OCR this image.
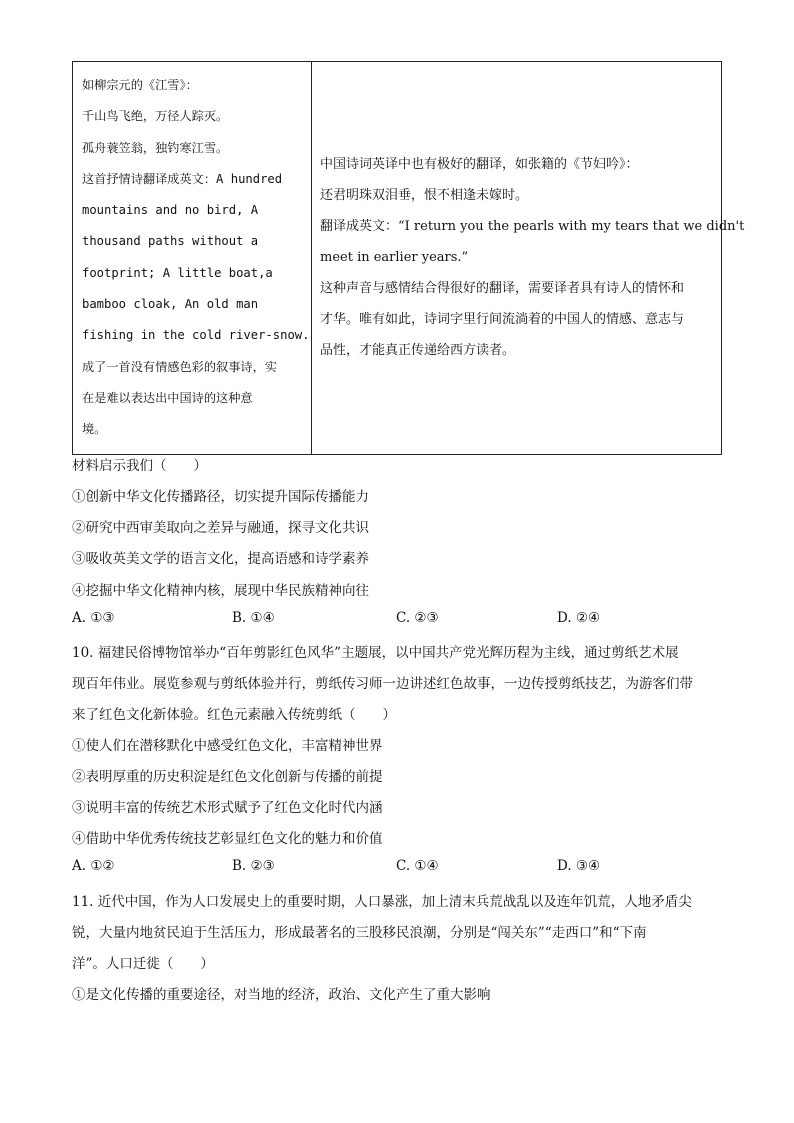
如柳宗元的《江雪》：
千山鸟飞绝，万径人踪灭。
孤舟蓑笠翁，独钓寒江雪。
这首抒情诗翻译成英文：A hundred
mountains and no bird, A
thousand paths without a
footprint; A little boat,a
bamboo cloak, An old man
fishing in the cold river-snow.
成了一首没有情感色彩的叙事诗，实
在是难以表达出中国诗的这种意
境。

中国诗词英译中也有极好的翻译，如张籍的《节妇吟》：
还君明珠双泪垂，恨不相逢未嫁时。
翻译成英文：“I return you the pearls with my tears that we didn't
meet in earlier years.”
这种声音与感情结合得很好的翻译，需要译者具有诗人的情怀和
才华。唯有如此，诗词字里行间流淌着的中国人的情感、意志与
品性，才能真正传递给西方读者。
材料启示我们（　　）
①创新中华文化传播路径，切实提升国际传播能力
②研究中西审美取向之差异与融通，探寻文化共识
③吸收英美文学的语言文化，提高语感和诗学素养
④挖掘中华文化精神内核，展现中华民族精神向往
A. ①③	B. ①④	C. ②③	D. ②④
10. 福建民俗博物馆举办“百年剪影红色风华”主题展，以中国共产党光辉历程为主线，通过剪纸艺术展
现百年伟业。展览参观与剪纸体验并行，剪纸传习师一边讲述红色故事，一边传授剪纸技艺，为游客们带
来了红色文化新体验。红色元素融入传统剪纸（　　）
①使人们在潜移默化中感受红色文化，丰富精神世界
②表明厚重的历史积淀是红色文化创新与传播的前提
③说明丰富的传统艺术形式赋予了红色文化时代内涵
④借助中华优秀传统技艺彰显红色文化的魅力和价值
A. ①②	B. ②③	C. ①④	D. ③④
11. 近代中国，作为人口发展史上的重要时期，人口暴涨，加上清末兵荒战乱以及连年饥荒，人地矛盾尖
锐，大量内地贫民迫于生活压力，形成最著名的三股移民浪潮，分别是“闯关东”“走西口”和“下南
洋”。人口迁徙（　　）
①是文化传播的重要途径，对当地的经济，政治、文化产生了重大影响
